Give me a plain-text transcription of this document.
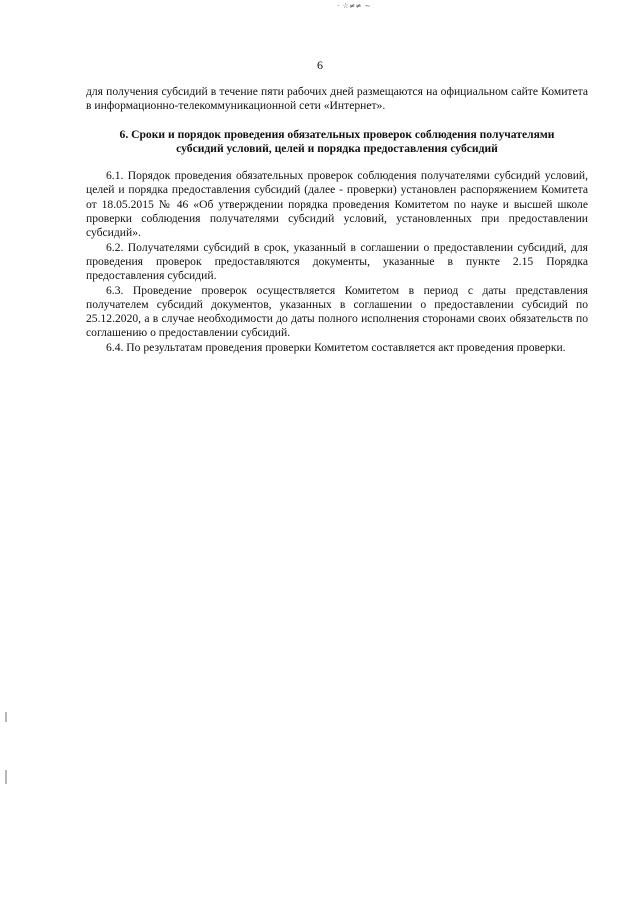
· ☆≠≠ ∼
6

для получения субсидий в течение пяти рабочих дней размещаются на официальном сайте Комитета в информационно-телекоммуникационной сети «Интернет».

6. Сроки и порядок проведения обязательных проверок соблюдения получателями субсидий условий, целей и порядка предоставления субсидий

6.1. Порядок проведения обязательных проверок соблюдения получателями субсидий условий, целей и порядка предоставления субсидий (далее - проверки) установлен распоряжением Комитета от 18.05.2015 № 46 «Об утверждении порядка проведения Комитетом по науке и высшей школе проверки соблюдения получателями субсидий условий, установленных при предоставлении субсидий».

6.2. Получателями субсидий в срок, указанный в соглашении о предоставлении субсидий, для проведения проверок предоставляются документы, указанные в пункте 2.15 Порядка предоставления субсидий.

6.3. Проведение проверок осуществляется Комитетом в период с даты представления получателем субсидий документов, указанных в соглашении о предоставлении субсидий по 25.12.2020, а в случае необходимости до даты полного исполнения сторонами своих обязательств по соглашению о предоставлении субсидий.

6.4. По результатам проведения проверки Комитетом составляется акт проведения проверки.
